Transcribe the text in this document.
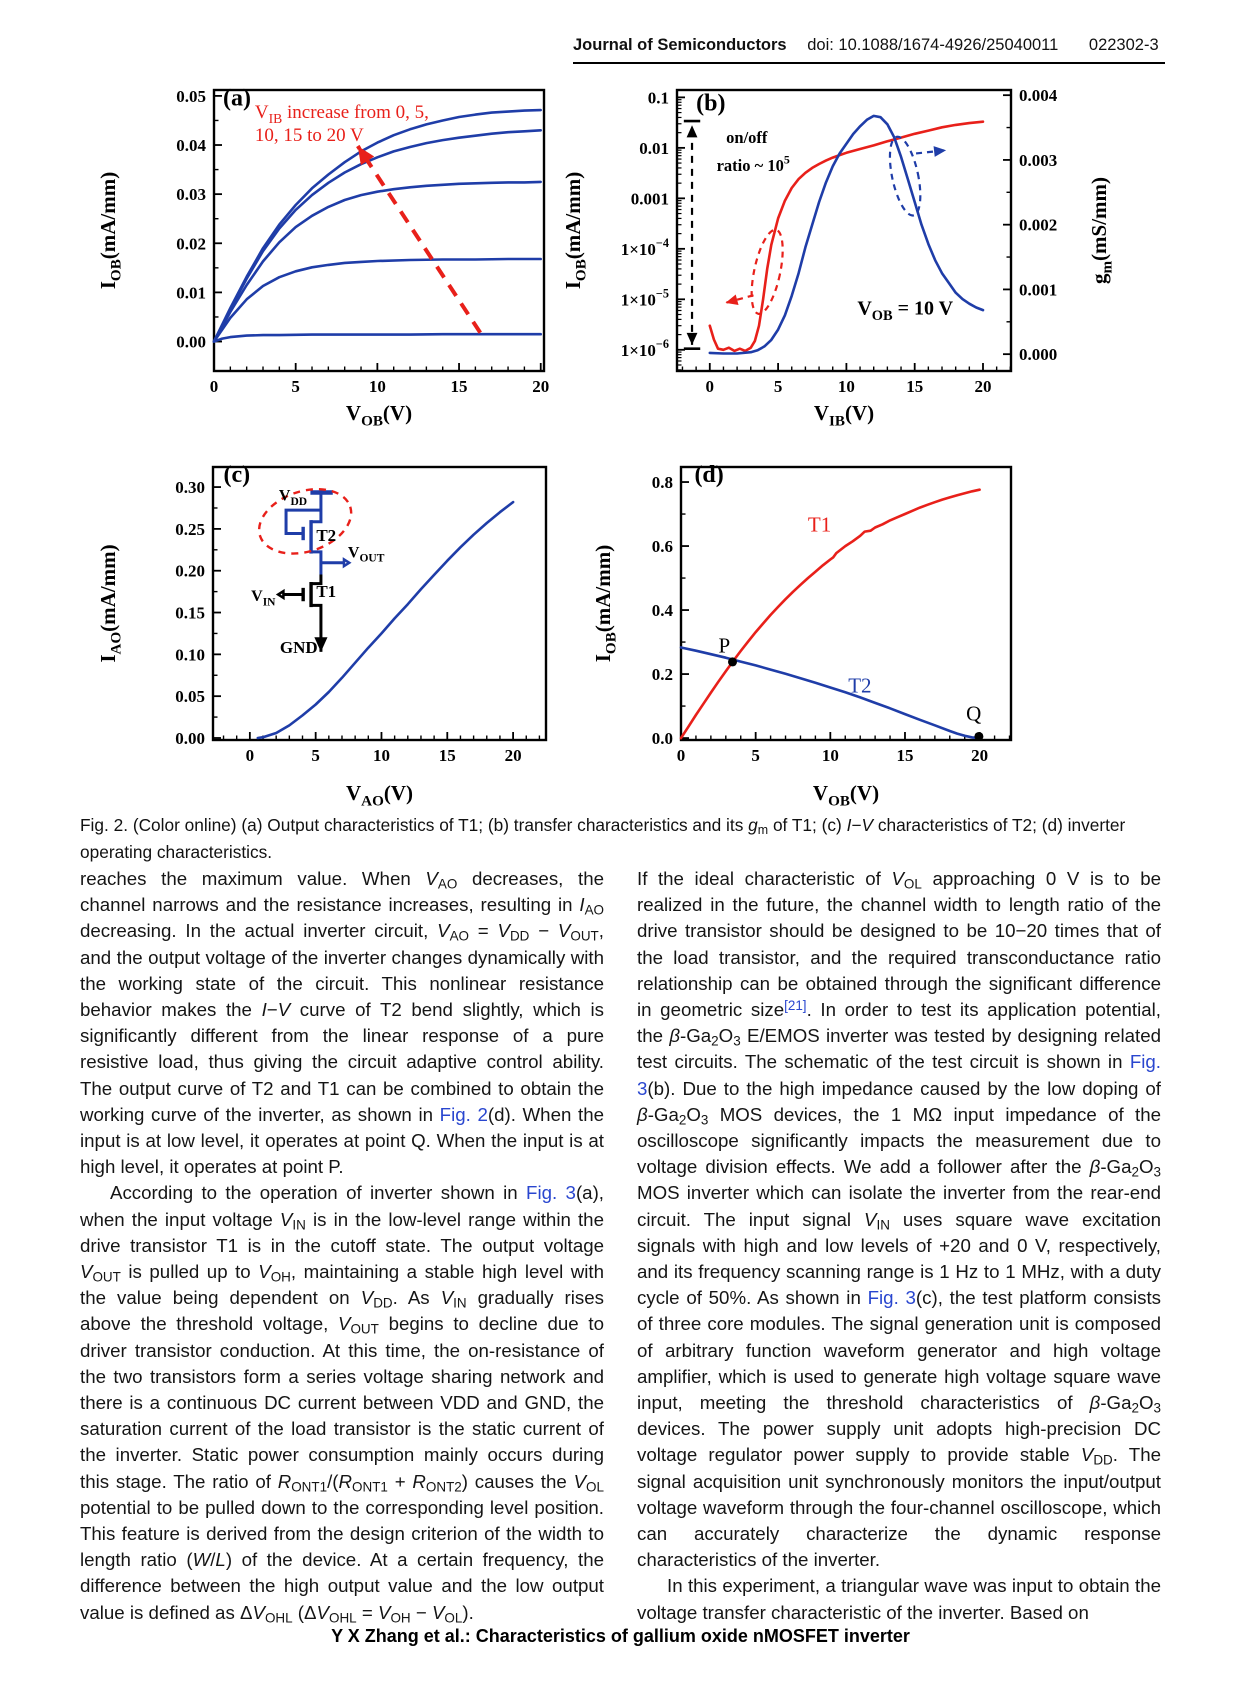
Journal of Semiconductors doi: 10.1088/1674-4926/25040011 022302-3
0	5	10	15	20
0.00
0.01
0.02
0.03
0.04
0.05
$V_{OB}(V)$
$I_{OB}(mA/mm)$
(a)
$V_{IB}$ increase from 0, 5,
10, 15 to 20 V
0	5	10	15	20
0.1
0.01
0.001
$1\times 10^{-4}$
$1\times 10^{-5}$
$1\times 10^{-6}$
0.000
0.001
0.002
0.003
0.004
$V_{IB}(V)$
$I_{OB}(mA/mm)$
$g_m(mS/mm)$
(b)
on/off
ratio ~ $10^5$
$V_{OB} = 10$ V
0	5	10	15	20
0.00
0.05
0.10
0.15
0.20
0.25
0.30
$V_{AO}(V)$
$I_{AO}(mA/mm)$
(c)
$V_{DD}$
T2
$V_{OUT}$
$V_{IN}$
T1
GND
0	5	10	15	20
0.0
0.2
0.4
0.6
0.8
$V_{OB}(V)$
$I_{OB}(mA/mm)$
(d)
T1
T2
P
Q

Fig. 2. (Color online) (a) Output characteristics of T1; (b) transfer characteristics and its $g_m$ of T1; (c) I−V characteristics of T2; (d) inverter operating characteristics.

reaches the maximum value. When $V_{AO}$ decreases, the channel narrows and the resistance increases, resulting in $I_{AO}$ decreasing. In the actual inverter circuit, $V_{AO} = V_{DD} - V_{OUT}$, and the output voltage of the inverter changes dynamically with the working state of the circuit. This nonlinear resistance behavior makes the I−V curve of T2 bend slightly, which is significantly different from the linear response of a pure resistive load, thus giving the circuit adaptive control ability. The output curve of T2 and T1 can be combined to obtain the working curve of the inverter, as shown in Fig. 2(d). When the input is at low level, it operates at point Q. When the input is at high level, it operates at point P.

According to the operation of inverter shown in Fig. 3(a), when the input voltage $V_{IN}$ is in the low-level range within the drive transistor T1 is in the cutoff state. The output voltage $V_{OUT}$ is pulled up to $V_{OH}$, maintaining a stable high level with the value being dependent on $V_{DD}$. As $V_{IN}$ gradually rises above the threshold voltage, $V_{OUT}$ begins to decline due to driver transistor conduction. At this time, the on-resistance of the two transistors form a series voltage sharing network and there is a continuous DC current between VDD and GND, the saturation current of the load transistor is the static current of the inverter. Static power consumption mainly occurs during this stage. The ratio of $R_{ONT1}/(R_{ONT1} + R_{ONT2})$ causes the $V_{OL}$ potential to be pulled down to the corresponding level position. This feature is derived from the design criterion of the width to length ratio (W/L) of the device. At a certain frequency, the difference between the high output value and the low output value is defined as $\Delta V_{OHL}$ $(\Delta V_{OHL} = V_{OH} - V_{OL})$.

If the ideal characteristic of $V_{OL}$ approaching 0 V is to be realized in the future, the channel width to length ratio of the drive transistor should be designed to be 10−20 times that of the load transistor, and the required transconductance ratio relationship can be obtained through the significant difference in geometric size[21]. In order to test its application potential, the $\beta-Ga_2O_3$ E/EMOS inverter was tested by designing related test circuits. The schematic of the test circuit is shown in Fig. 3(b). Due to the high impedance caused by the low doping of $\beta-Ga_2O_3$ MOS devices, the 1 MΩ input impedance of the oscilloscope significantly impacts the measurement due to voltage division effects. We add a follower after the $\beta-Ga_2O_3$ MOS inverter which can isolate the inverter from the rear-end circuit. The input signal $V_{IN}$ uses square wave excitation signals with high and low levels of +20 and 0 V, respectively, and its frequency scanning range is 1 Hz to 1 MHz, with a duty cycle of 50%. As shown in Fig. 3(c), the test platform consists of three core modules. The signal generation unit is composed of arbitrary function waveform generator and high voltage amplifier, which is used to generate high voltage square wave input, meeting the threshold characteristics of $\beta-Ga_2O_3$ devices. The power supply unit adopts high-precision DC voltage regulator power supply to provide stable $V_{DD}$. The signal acquisition unit synchronously monitors the input/output voltage waveform through the four-channel oscilloscope, which can accurately characterize the dynamic response characteristics of the inverter.

In this experiment, a triangular wave was input to obtain the voltage transfer characteristic of the inverter. Based on

Y X Zhang et al.: Characteristics of gallium oxide nMOSFET inverter
